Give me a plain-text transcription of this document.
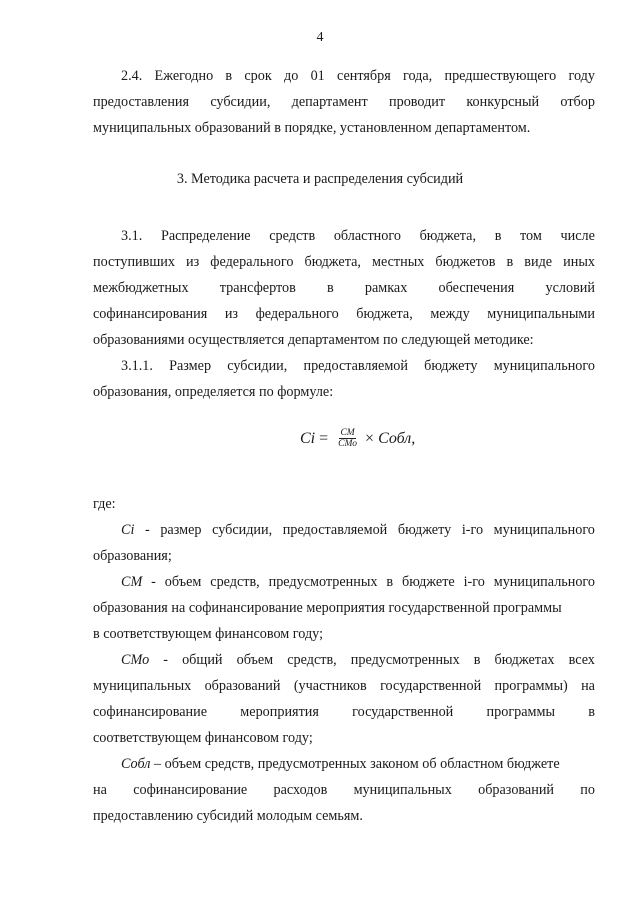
4
2.4. Ежегодно в срок до 01 сентября года, предшествующего году
предоставления субсидии, департамент проводит конкурсный отбор
муниципальных образований в порядке, установленном департаментом.
3. Методика расчета и распределения субсидий
3.1. Распределение средств областного бюджета, в том числе
поступивших из федерального бюджета, местных бюджетов в виде иных
межбюджетных трансфертов в рамках обеспечения условий
софинансирования из федерального бюджета, между муниципальными
образованиями осуществляется департаментом по следующей методике:
3.1.1. Размер субсидии, предоставляемой бюджету муниципального
образования, определяется по формуле:
$Ci = \frac{СМ}{\text{СМо}}$ × Собл,
где:
Ci - размер субсидии, предоставляемой бюджету i-го муниципального
образования;
СМ - объем средств, предусмотренных в бюджете i-го муниципального
образования на софинансирование мероприятия государственной программы
в соответствующем финансовом году;
СМо - общий объем средств, предусмотренных в бюджетах всех
муниципальных образований (участников государственной программы) на
софинансирование мероприятия государственной программы в
соответствующем финансовом году;
Собл – объем средств, предусмотренных законом об областном бюджете
на софинансирование расходов муниципальных образований по
предоставлению субсидий молодым семьям.
